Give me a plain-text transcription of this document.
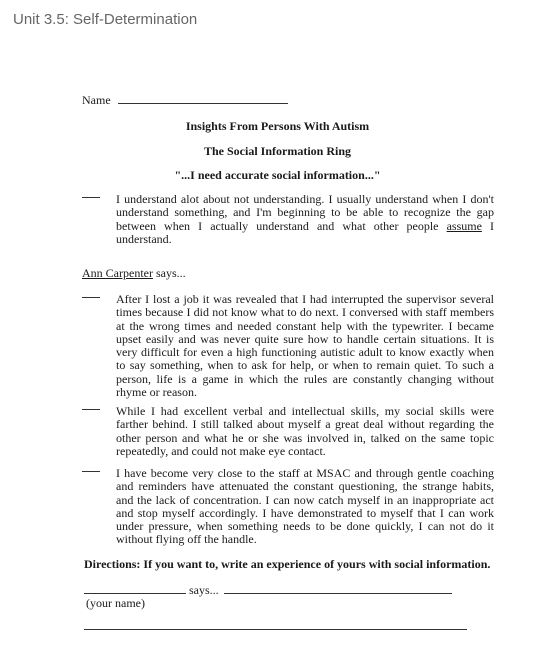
Unit 3.5: Self-Determination
Name
Insights From Persons With Autism
The Social Information Ring
"...I need accurate social information..."
I understand alot about not understanding. I usually understand when I don't understand something, and I'm beginning to be able to recognize the gap between when I actually understand and what other people assume I understand.
Ann Carpenter says...
After I lost a job it was revealed that I had interrupted the supervisor several times because I did not know what to do next. I conversed with staff members at the wrong times and needed constant help with the typewriter. I became upset easily and was never quite sure how to handle certain situations. It is very difficult for even a high functioning autistic adult to know exactly when to say something, when to ask for help, or when to remain quiet. To such a person, life is a game in which the rules are constantly changing without rhyme or reason.
While I had excellent verbal and intellectual skills, my social skills were farther behind. I still talked about myself a great deal without regarding the other person and what he or she was involved in, talked on the same topic repeatedly, and could not make eye contact.
I have become very close to the staff at MSAC and through gentle coaching and reminders have attenuated the constant questioning, the strange habits, and the lack of concentration. I can now catch myself in an inappropriate act and stop myself accordingly. I have demonstrated to myself that I can work under pressure, when something needs to be done quickly, I can not do it without flying off the handle.
Directions: If you want to, write an experience of yours with social information.
says...
(your name)
